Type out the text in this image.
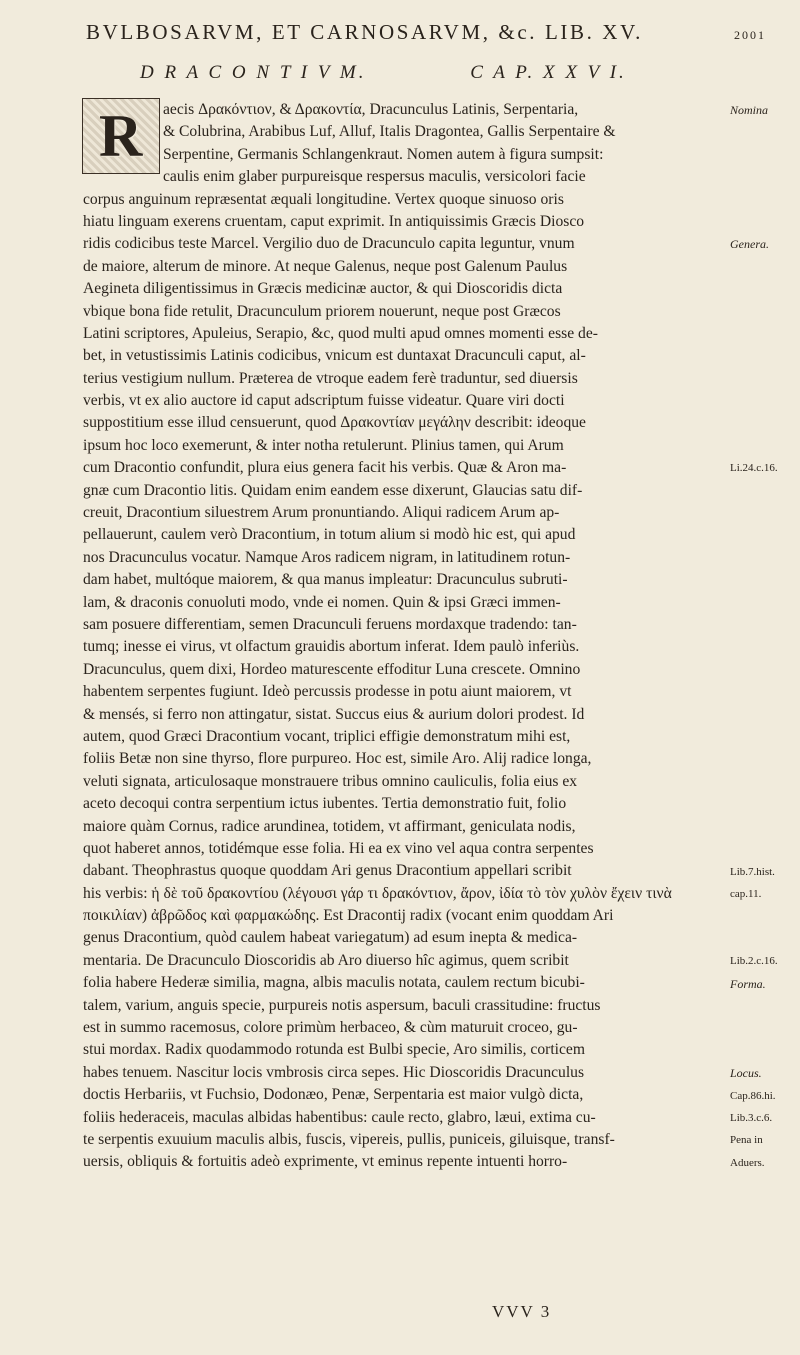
BVLBOSARVM, ET CARNOSARVM, &c. LIB. XV.	2001
D R A C O N T I V M.	C A P. X X V I.
R	aecis Δρακόντιον, & Δρακοντία, Dracunculus Latinis, Serpentaria,
& Colubrina, Arabibus Luf, Alluf, Italis Dragontea, Gallis Serpentaire &
Serpentine, Germanis Schlangenkraut. Nomen autem à figura sumpsit:
caulis enim glaber purpureisque respersus maculis, versicolori facie
corpus anguinum repræsentat æquali longitudine. Vertex quoque sinuoso oris
hiatu linguam exerens cruentam, caput exprimit. In antiquissimis Græcis Diosco
ridis codicibus teste Marcel. Vergilio duo de Dracunculo capita leguntur, vnum
de maiore, alterum de minore. At neque Galenus, neque post Galenum Paulus
Aegineta diligentissimus in Græcis medicinæ auctor, & qui Dioscoridis dicta
vbique bona fide retulit, Dracunculum priorem nouerunt, neque post Græcos
Latini scriptores, Apuleius, Serapio, &c, quod multi apud omnes momenti esse de-
bet, in vetustissimis Latinis codicibus, vnicum est duntaxat Dracunculi caput, al-
terius vestigium nullum. Præterea de vtroque eadem ferè traduntur, sed diuersis
verbis, vt ex alio auctore id caput adscriptum fuisse videatur. Quare viri docti
suppostitium esse illud censuerunt, quod Δρακοντίαν μεγάλην describit: ideoque
ipsum hoc loco exemerunt, & inter notha retulerunt. Plinius tamen, qui Arum
cum Dracontio confundit, plura eius genera facit his verbis. Quæ & Aron ma-
gnæ cum Dracontio litis. Quidam enim eandem esse dixerunt, Glaucias satu dif-
creuit, Dracontium siluestrem Arum pronuntiando. Aliqui radicem Arum ap-
pellauerunt, caulem verò Dracontium, in totum alium si modò hic est, qui apud
nos Dracunculus vocatur. Namque Aros radicem nigram, in latitudinem rotun-
dam habet, multóque maiorem, & qua manus impleatur: Dracunculus subruti-
lam, & draconis conuoluti modo, vnde ei nomen. Quin & ipsi Græci immen-
sam posuere differentiam, semen Dracunculi feruens mordaxque tradendo: tan-
tumq; inesse ei virus, vt olfactum grauidis abortum inferat. Idem paulò inferiùs.
Dracunculus, quem dixi, Hordeo maturescente effoditur Luna crescete. Omnino
habentem serpentes fugiunt. Ideò percussis prodesse in potu aiunt maiorem, vt
& mensés, si ferro non attingatur, sistat. Succus eius & aurium dolori prodest. Id
autem, quod Græci Dracontium vocant, triplici effigie demonstratum mihi est,
foliis Betæ non sine thyrso, flore purpureo. Hoc est, simile Aro. Alij radice longa,
veluti signata, articulosaque monstrauere tribus omnino cauliculis, folia eius ex
aceto decoqui contra serpentium ictus iubentes. Tertia demonstratio fuit, folio
maiore quàm Cornus, radice arundinea, totidem, vt affirmant, geniculata nodis,
quot haberet annos, totidémque esse folia. Hi ea ex vino vel aqua contra serpentes
dabant. Theophrastus quoque quoddam Ari genus Dracontium appellari scribit
his verbis: ἡ δὲ τοῦ δρακοντίου (λέγουσι γάρ τι δρακόντιον, ἄρον, ἰδία τὸ τὸν χυλὸν ἔχειν τινὰ
ποικιλίαν) ἀβρῶδος καὶ φαρμακώδης. Est Dracontij radix (vocant enim quoddam Ari
genus Dracontium, quòd caulem habeat variegatum) ad esum inepta & medica-
mentaria. De Dracunculo Dioscoridis ab Aro diuerso hîc agimus, quem scribit
folia habere Hederæ similia, magna, albis maculis notata, caulem rectum bicubi-
talem, varium, anguis specie, purpureis notis aspersum, baculi crassitudine: fructus
est in summo racemosus, colore primùm herbaceo, & cùm maturuit croceo, gu-
stui mordax. Radix quodammodo rotunda est Bulbi specie, Aro similis, corticem
habes tenuem. Nascitur locis vmbrosis circa sepes. Hic Dioscoridis Dracunculus
doctis Herbariis, vt Fuchsio, Dodonæo, Penæ, Serpentaria est maior vulgò dicta,
foliis hederaceis, maculas albidas habentibus: caule recto, glabro, læui, extima cu-
te serpentis exuuium maculis albis, fuscis, vipereis, pullis, puniceis, giluisque, transf-
uersis, obliquis & fortuitis adeò exprimente, vt eminus repente intuenti horro-
Nomina
Genera.
Li.24.c.16.
Lib.7.hist.
cap.11.
Lib.2.c.16.
Forma.
Locus.
Cap.86.hi.
Lib.3.c.6.
Pena in
Aduers.
VVV 3
